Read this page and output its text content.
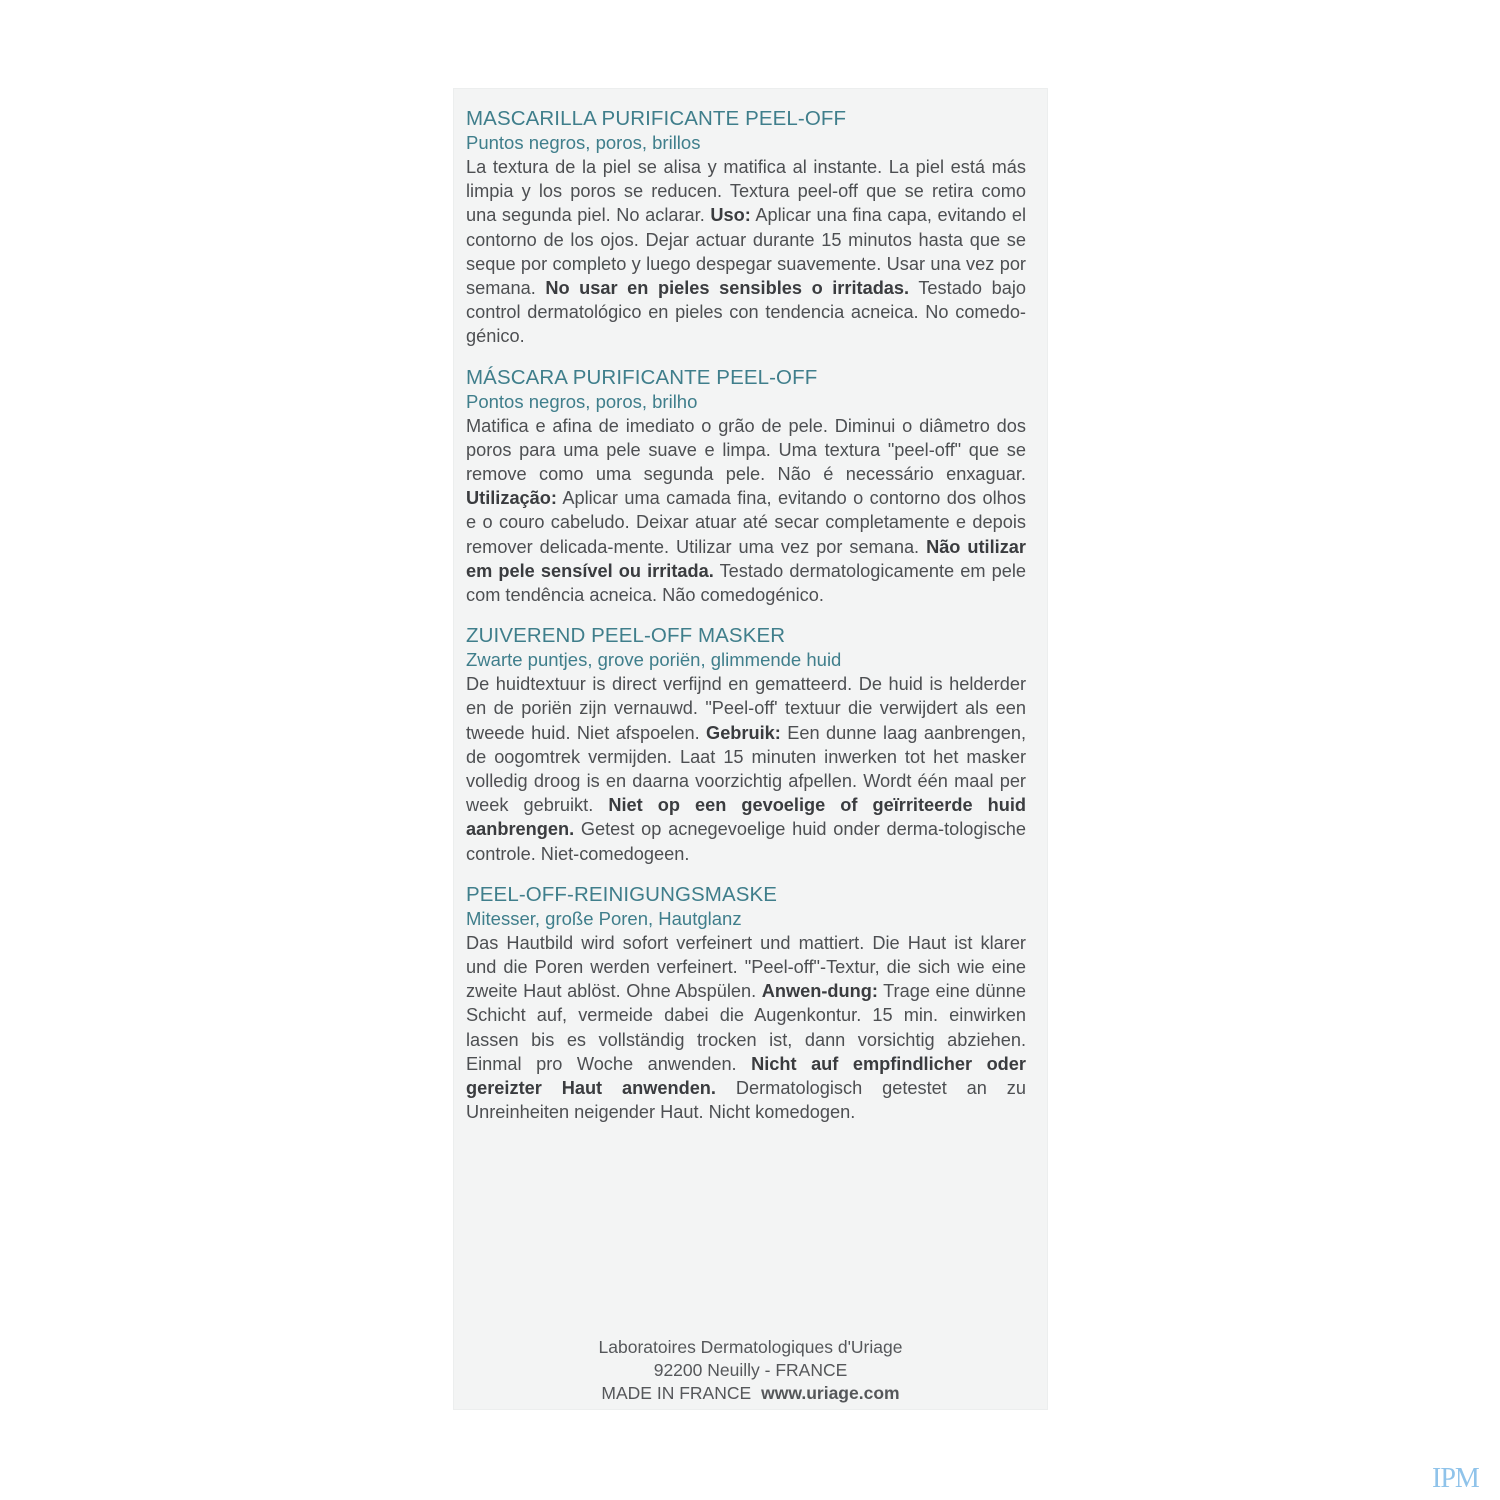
MASCARILLA PURIFICANTE PEEL-OFF

Puntos negros, poros, brillos

La textura de la piel se alisa y matifica al instante. La piel está más limpia y los poros se reducen. Textura peel-off que se retira como una segunda piel. No aclarar. Uso: Aplicar una fina capa, evitando el contorno de los ojos. Dejar actuar durante 15 minutos hasta que se seque por completo y luego despegar suavemente. Usar una vez por semana. No usar en pieles sensibles o irritadas. Testado bajo control dermatológico en pieles con tendencia acneica. No comedo-génico.

MÁSCARA PURIFICANTE PEEL-OFF

Pontos negros, poros, brilho

Matifica e afina de imediato o grão de pele. Diminui o diâmetro dos poros para uma pele suave e limpa. Uma textura "peel-off" que se remove como uma segunda pele. Não é necessário enxaguar. Utilização: Aplicar uma camada fina, evitando o contorno dos olhos e o couro cabeludo. Deixar atuar até secar completamente e depois remover delicada-mente. Utilizar uma vez por semana. Não utilizar em pele sensível ou irritada. Testado dermatologicamente em pele com tendência acneica. Não comedogénico.

ZUIVEREND PEEL-OFF MASKER

Zwarte puntjes, grove poriën, glimmende huid

De huidtextuur is direct verfijnd en gematteerd. De huid is helderder en de poriën zijn vernauwd. "Peel-off' textuur die verwijdert als een tweede huid. Niet afspoelen. Gebruik: Een dunne laag aanbrengen, de oogomtrek vermijden. Laat 15 minuten inwerken tot het masker volledig droog is en daarna voorzichtig afpellen. Wordt één maal per week gebruikt. Niet op een gevoelige of geïrriteerde huid aanbrengen. Getest op acnegevoelige huid onder derma-tologische controle. Niet-comedogeen.

PEEL-OFF-REINIGUNGSMASKE

Mitesser, große Poren, Hautglanz

Das Hautbild wird sofort verfeinert und mattiert. Die Haut ist klarer und die Poren werden verfeinert. "Peel-off"-Textur, die sich wie eine zweite Haut ablöst. Ohne Abspülen. Anwen-dung: Trage eine dünne Schicht auf, vermeide dabei die Augenkontur. 15 min. einwirken lassen bis es vollständig trocken ist, dann vorsichtig abziehen. Einmal pro Woche anwenden. Nicht auf empfindlicher oder gereizter Haut anwenden. Dermatologisch getestet an zu Unreinheiten neigender Haut. Nicht komedogen.

Laboratoires Dermatologiques d'Uriage
92200 Neuilly - FRANCE
MADE IN FRANCE www.uriage.com
IPM
